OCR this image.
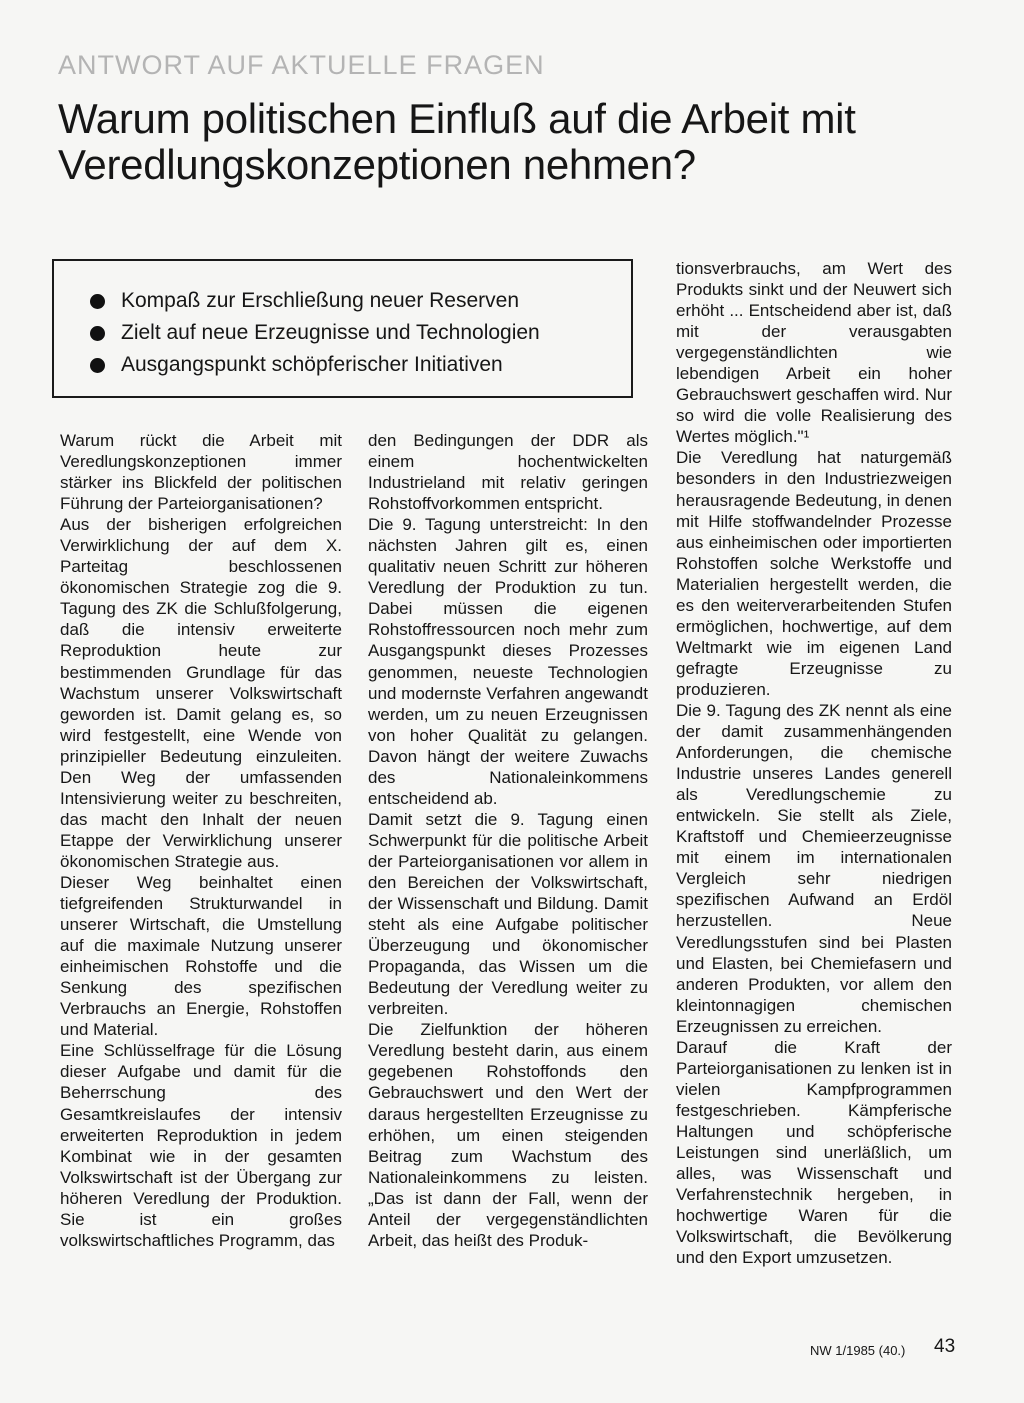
ANTWORT AUF AKTUELLE FRAGEN
Warum politischen Einfluß auf die Arbeit mit Veredlungskonzeptionen nehmen?
Kompaß zur Erschließung neuer Reserven
Zielt auf neue Erzeugnisse und Technologien
Ausgangspunkt schöpferischer Initiativen

Warum rückt die Arbeit mit Veredlungskonzeptionen immer stärker ins Blickfeld der politischen Führung der Parteiorganisationen?

Aus der bisherigen erfolgreichen Verwirklichung der auf dem X. Parteitag beschlossenen ökonomischen Strategie zog die 9. Tagung des ZK die Schlußfolgerung, daß die intensiv erweiterte Reproduktion heute zur bestimmenden Grundlage für das Wachstum unserer Volkswirtschaft geworden ist. Damit gelang es, so wird festgestellt, eine Wende von prinzipieller Bedeutung einzuleiten. Den Weg der umfassenden Intensivierung weiter zu beschreiten, das macht den Inhalt der neuen Etappe der Verwirklichung unserer ökonomischen Strategie aus.

Dieser Weg beinhaltet einen tiefgreifenden Strukturwandel in unserer Wirtschaft, die Umstellung auf die maximale Nutzung unserer einheimischen Rohstoffe und die Senkung des spezifischen Verbrauchs an Energie, Rohstoffen und Material.

Eine Schlüsselfrage für die Lösung dieser Aufgabe und damit für die Beherrschung des Gesamtkreislaufes der intensiv erweiterten Reproduktion in jedem Kombinat wie in der gesamten Volkswirtschaft ist der Übergang zur höheren Veredlung der Produktion. Sie ist ein großes volkswirtschaftliches Programm, das

den Bedingungen der DDR als einem hochentwickelten Industrieland mit relativ geringen Rohstoffvorkommen entspricht.

Die 9. Tagung unterstreicht: In den nächsten Jahren gilt es, einen qualitativ neuen Schritt zur höheren Veredlung der Produktion zu tun. Dabei müssen die eigenen Rohstoffressourcen noch mehr zum Ausgangspunkt dieses Prozesses genommen, neueste Technologien und modernste Verfahren angewandt werden, um zu neuen Erzeugnissen von hoher Qualität zu gelangen. Davon hängt der weitere Zuwachs des Nationaleinkommens entscheidend ab.

Damit setzt die 9. Tagung einen Schwerpunkt für die politische Arbeit der Parteiorganisationen vor allem in den Bereichen der Volkswirtschaft, der Wissenschaft und Bildung. Damit steht als eine Aufgabe politischer Überzeugung und ökonomischer Propaganda, das Wissen um die Bedeutung der Veredlung weiter zu verbreiten.

Die Zielfunktion der höheren Veredlung besteht darin, aus einem gegebenen Rohstoffonds den Gebrauchswert und den Wert der daraus hergestellten Erzeugnisse zu erhöhen, um einen steigenden Beitrag zum Wachstum des Nationaleinkommens zu leisten. „Das ist dann der Fall, wenn der Anteil der vergegenständlichten Arbeit, das heißt des Produk-

tionsverbrauchs, am Wert des Produkts sinkt und der Neuwert sich erhöht ... Entscheidend aber ist, daß mit der verausgabten vergegenständlichten wie lebendigen Arbeit ein hoher Gebrauchswert geschaffen wird. Nur so wird die volle Realisierung des Wertes möglich."¹

Die Veredlung hat naturgemäß besonders in den Industriezweigen herausragende Bedeutung, in denen mit Hilfe stoffwandelnder Prozesse aus einheimischen oder importierten Rohstoffen solche Werkstoffe und Materialien hergestellt werden, die es den weiterverarbeitenden Stufen ermöglichen, hochwertige, auf dem Weltmarkt wie im eigenen Land gefragte Erzeugnisse zu produzieren.

Die 9. Tagung des ZK nennt als eine der damit zusammenhängenden Anforderungen, die chemische Industrie unseres Landes generell als Veredlungschemie zu entwickeln. Sie stellt als Ziele, Kraftstoff und Chemieerzeugnisse mit einem im internationalen Vergleich sehr niedrigen spezifischen Aufwand an Erdöl herzustellen. Neue Veredlungsstufen sind bei Plasten und Elasten, bei Chemiefasern und anderen Produkten, vor allem den kleintonnagigen chemischen Erzeugnissen zu erreichen.

Darauf die Kraft der Parteiorganisationen zu lenken ist in vielen Kampfprogrammen festgeschrieben. Kämpferische Haltungen und schöpferische Leistungen sind unerläßlich, um alles, was Wissenschaft und Verfahrenstechnik hergeben, in hochwertige Waren für die Volkswirtschaft, die Bevölkerung und den Export umzusetzen.

NW 1/1985 (40.) 43
